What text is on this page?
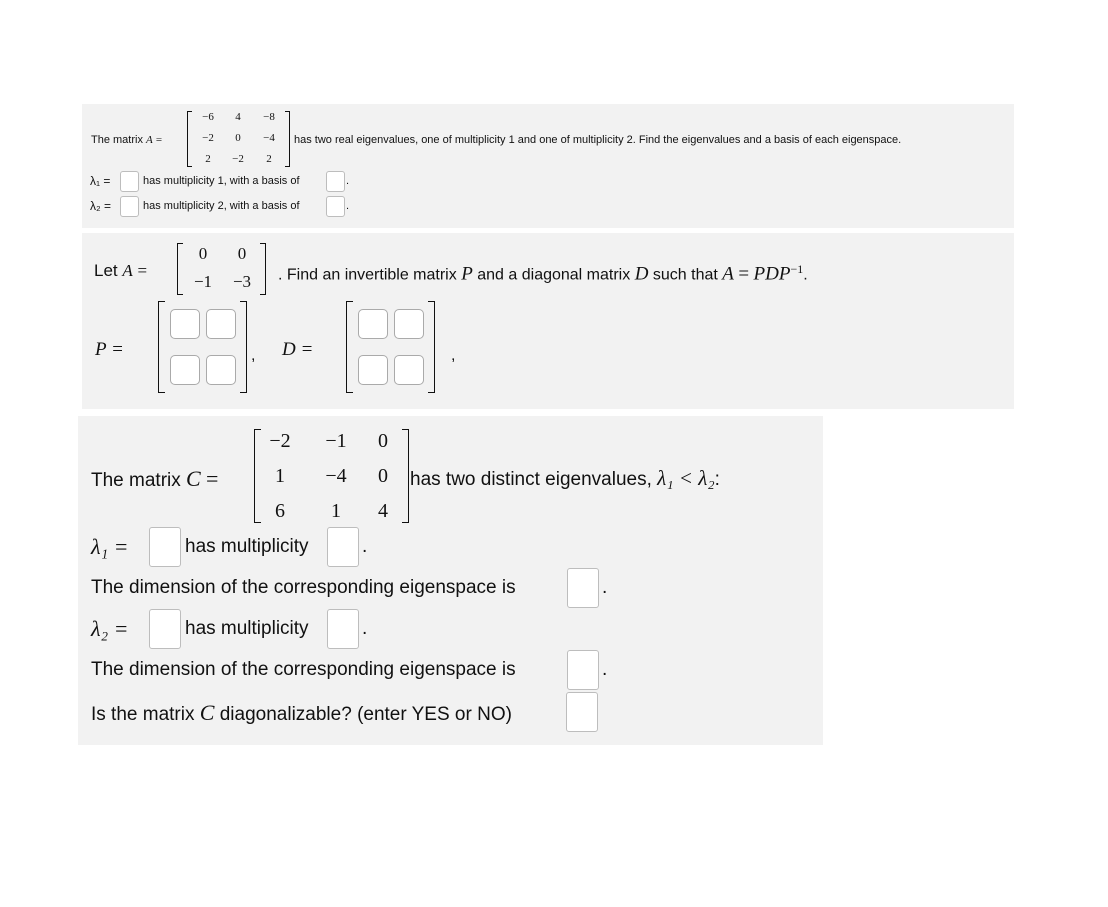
The matrix A =
−6	4	−8
−2	0	−4
2	−2	2
has two real eigenvalues, one of multiplicity 1 and one of multiplicity 2. Find the eigenvalues and a basis of each eigenspace.
λ₁ =	has multiplicity 1, with a basis of	.
λ₂ =	has multiplicity 2, with a basis of	.
Let A =
0	0
−1	−3	. Find an invertible matrix P and a diagonal matrix D such that $A = PDP^{-1}$.
P =	, D =	,
The matrix C =
−2	−1	0
1	−4	0
6	1	4
has two distinct eigenvalues, λ₁ < λ₂:
λ₁ =	has multiplicity	.
The dimension of the corresponding eigenspace is	.
λ₂ =	has multiplicity	.
The dimension of the corresponding eigenspace is	.
Is the matrix C diagonalizable? (enter YES or NO)
